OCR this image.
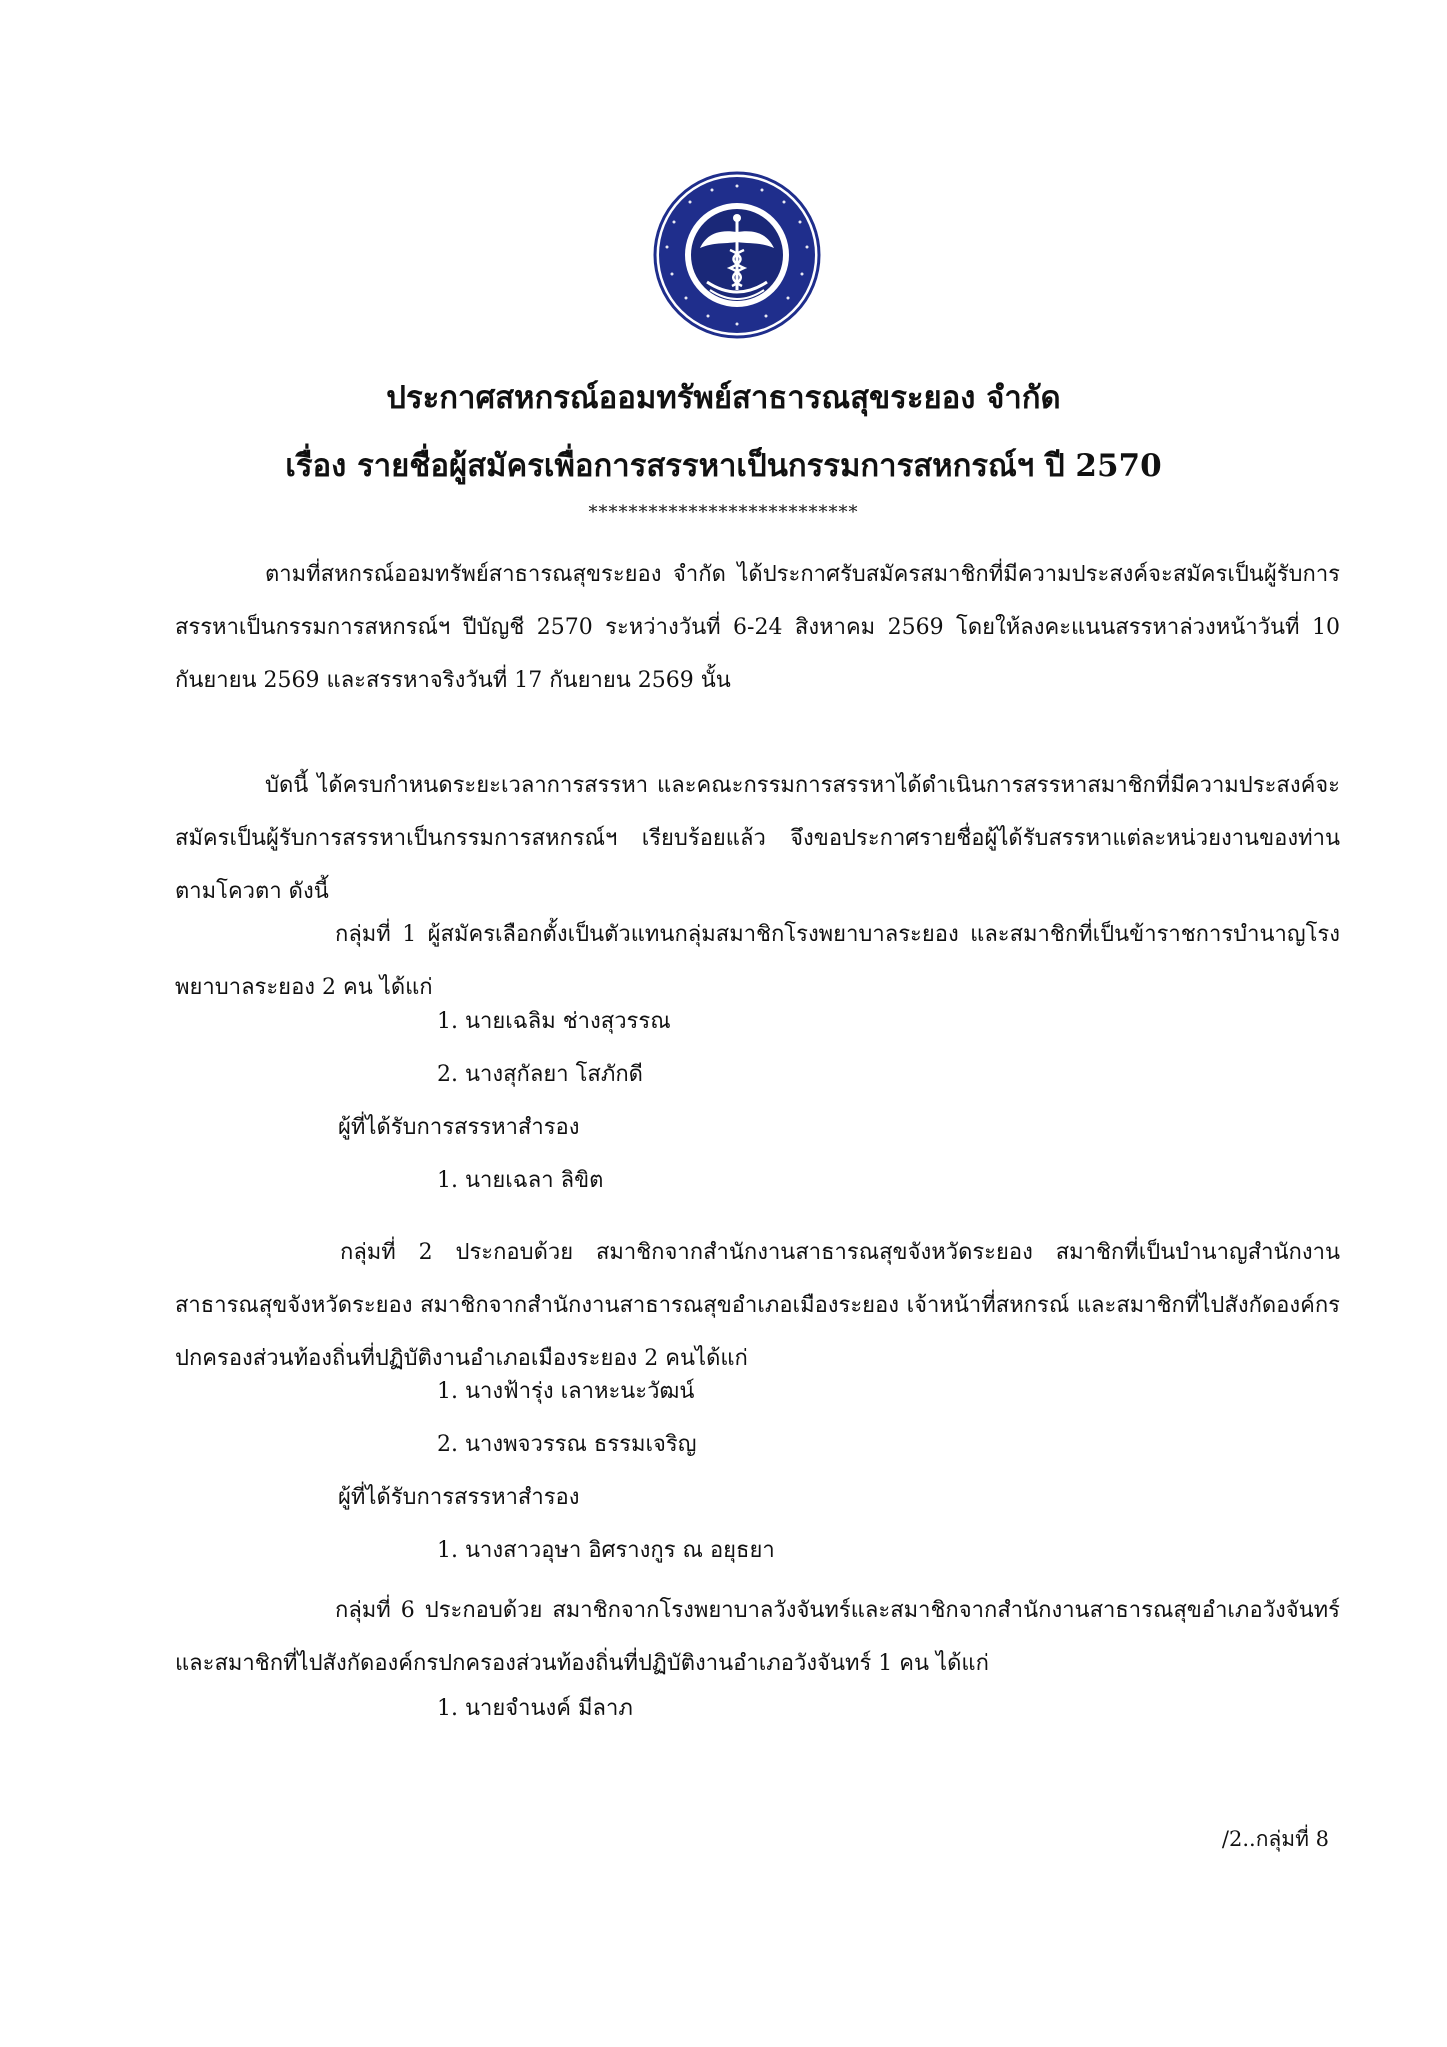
ประกาศสหกรณ์ออมทรัพย์สาธารณสุขระยอง จำกัด
เรื่อง รายชื่อผู้สมัครเพื่อการสรรหาเป็นกรรมการสหกรณ์ฯ ปี 2570
***************************

ตามที่สหกรณ์ออมทรัพย์สาธารณสุขระยอง จำกัด ได้ประกาศรับสมัครสมาชิกที่มีความประสงค์จะสมัครเป็นผู้รับการสรรหาเป็นกรรมการสหกรณ์ฯ ปีบัญชี 2570 ระหว่างวันที่ 6-24 สิงหาคม 2569 โดยให้ลงคะแนนสรรหาล่วงหน้าวันที่ 10 กันยายน 2569 และสรรหาจริงวันที่ 17 กันยายน 2569 นั้น

บัดนี้ ได้ครบกำหนดระยะเวลาการสรรหา และคณะกรรมการสรรหาได้ดำเนินการสรรหาสมาชิกที่มีความประสงค์จะสมัครเป็นผู้รับการสรรหาเป็นกรรมการสหกรณ์ฯ เรียบร้อยแล้ว จึงขอประกาศรายชื่อผู้ได้รับสรรหาแต่ละหน่วยงานของท่านตามโควตา ดังนี้

กลุ่มที่ 1 ผู้สมัครเลือกตั้งเป็นตัวแทนกลุ่มสมาชิกโรงพยาบาลระยอง และสมาชิกที่เป็นข้าราชการบำนาญโรงพยาบาลระยอง 2 คน ได้แก่

1. นายเฉลิม ช่างสุวรรณ
2. นางสุกัลยา โสภักดี
ผู้ที่ได้รับการสรรหาสำรอง
1. นายเฉลา ลิขิต

กลุ่มที่ 2 ประกอบด้วย สมาชิกจากสำนักงานสาธารณสุขจังหวัดระยอง สมาชิกที่เป็นบำนาญสำนักงานสาธารณสุขจังหวัดระยอง สมาชิกจากสำนักงานสาธารณสุขอำเภอเมืองระยอง เจ้าหน้าที่สหกรณ์ และสมาชิกที่ไปสังกัดองค์กรปกครองส่วนท้องถิ่นที่ปฏิบัติงานอำเภอเมืองระยอง 2 คนได้แก่

1. นางฟ้ารุ่ง เลาหะนะวัฒน์
2. นางพจวรรณ ธรรมเจริญ
ผู้ที่ได้รับการสรรหาสำรอง
1. นางสาวอุษา อิศรางกูร ณ อยุธยา

กลุ่มที่ 6 ประกอบด้วย สมาชิกจากโรงพยาบาลวังจันทร์และสมาชิกจากสำนักงานสาธารณสุขอำเภอวังจันทร์ และสมาชิกที่ไปสังกัดองค์กรปกครองส่วนท้องถิ่นที่ปฏิบัติงานอำเภอวังจันทร์ 1 คน ได้แก่

1. นายจำนงค์ มีลาภ
/2..กลุ่มที่ 8
